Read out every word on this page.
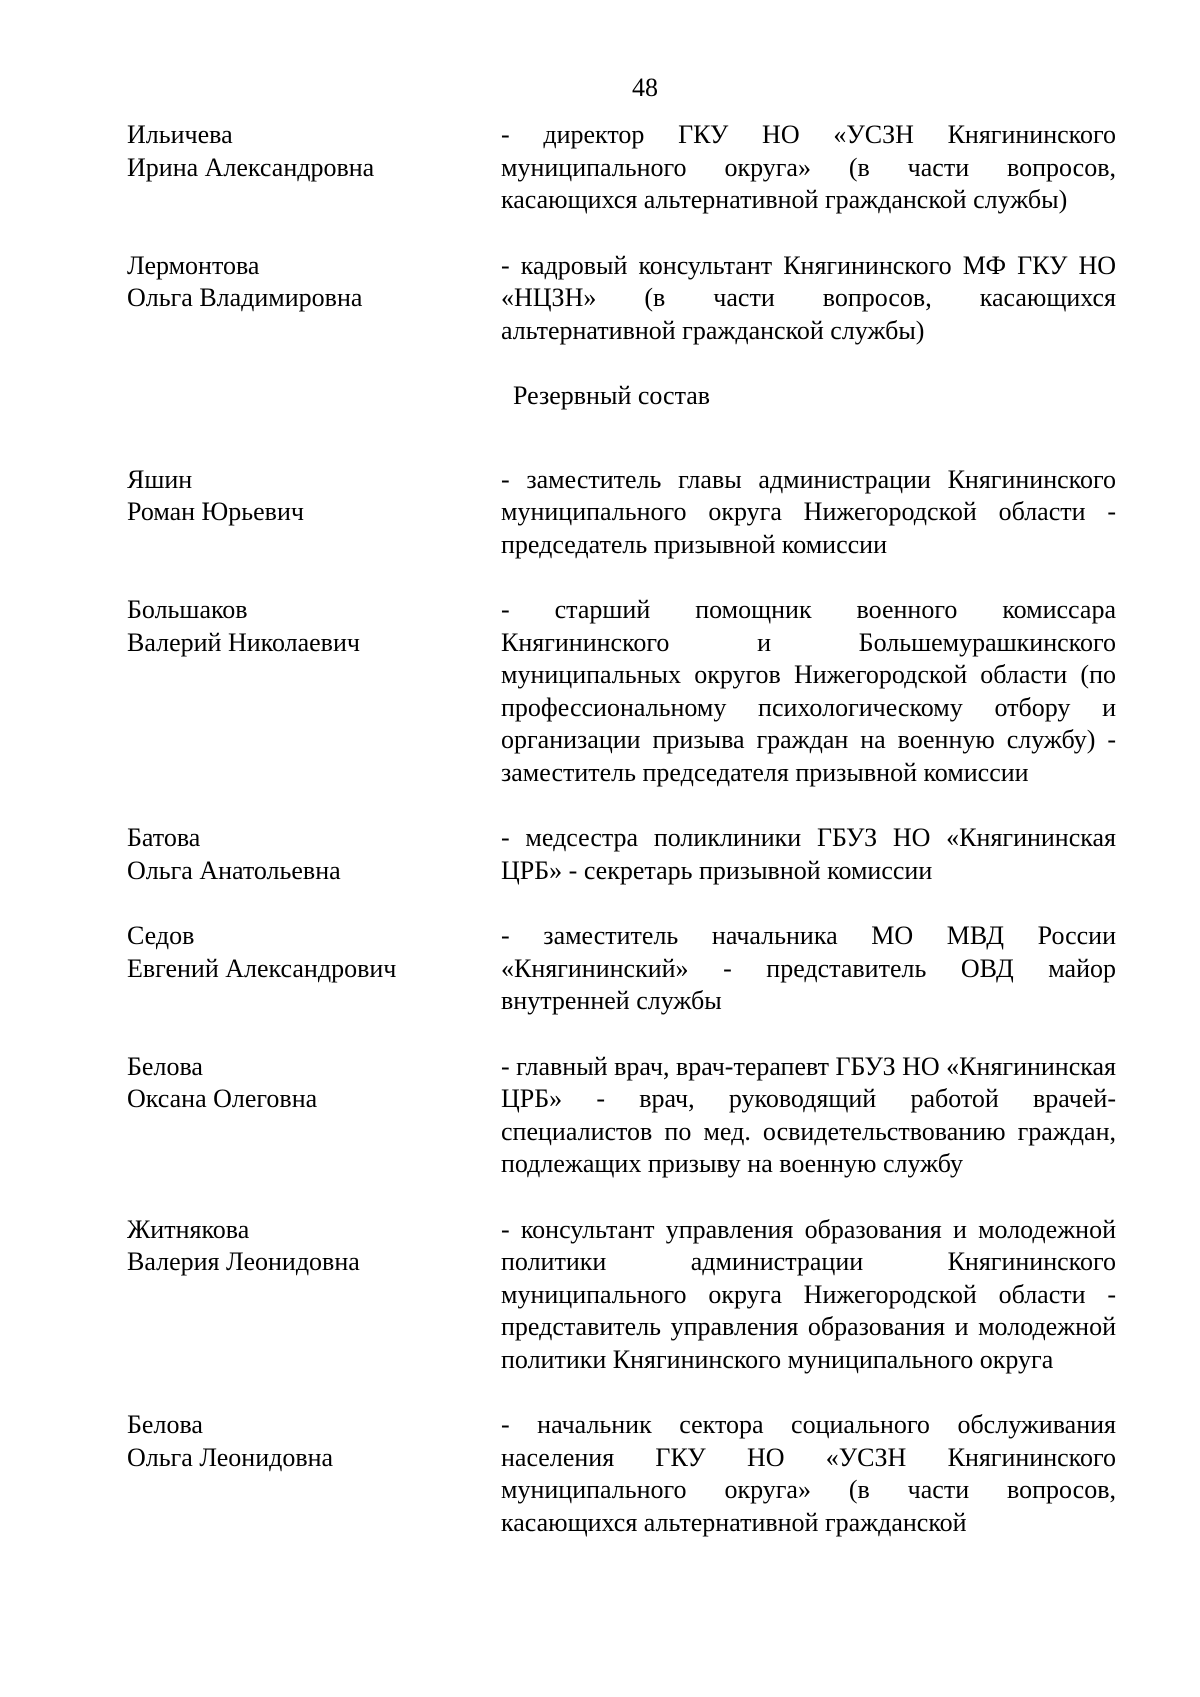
48
Ильичева
Ирина Александровна
- директор ГКУ НО «УСЗН Княгининского муниципального округа» (в части вопросов, касающихся альтернативной гражданской службы)
Лермонтова
Ольга Владимировна
- кадровый консультант Княгининского МФ ГКУ НО «НЦЗН» (в части вопросов, касающихся альтернативной гражданской службы)
Резервный состав
Яшин
Роман Юрьевич
- заместитель главы администрации Княгининского муниципального округа Нижегородской области - председатель призывной комиссии
Большаков
Валерий Николаевич
- старший помощник военного комиссара Княгининского и Большемурашкинского муниципальных округов Нижегородской области (по профессиональному психологическому отбору и организации призыва граждан на военную службу) - заместитель председателя призывной комиссии
Батова
Ольга Анатольевна
- медсестра поликлиники ГБУЗ НО «Княгининская ЦРБ» - секретарь призывной комиссии
Седов
Евгений Александрович
- заместитель начальника МО МВД России «Княгининский» - представитель ОВД майор внутренней службы
Белова
Оксана Олеговна
- главный врач, врач-терапевт ГБУЗ НО «Княгининская ЦРБ» - врач, руководящий работой врачей-специалистов по мед. освидетельствованию граждан, подлежащих призыву на военную службу
Житнякова
Валерия Леонидовна
- консультант управления образования и молодежной политики администрации Княгининского муниципального округа Нижегородской области - представитель управления образования и молодежной политики Княгининского муниципального округа
Белова
Ольга Леонидовна
- начальник сектора социального обслуживания населения ГКУ НО «УСЗН Княгининского муниципального округа» (в части вопросов, касающихся альтернативной гражданской
